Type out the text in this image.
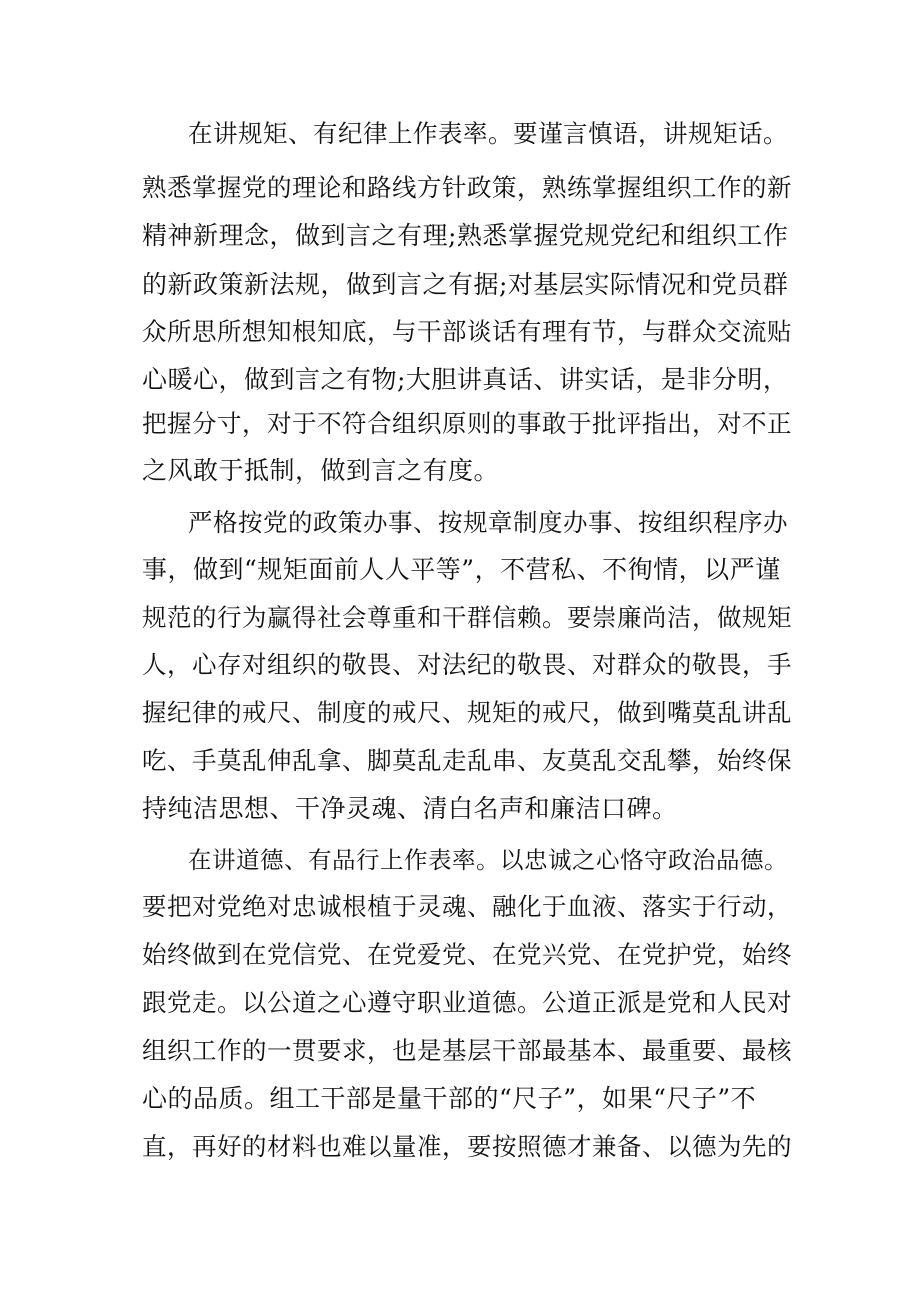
在讲规矩、有纪律上作表率。要谨言慎语，讲规矩话。
熟悉掌握党的理论和路线方针政策，熟练掌握组织工作的新
精神新理念，做到言之有理;熟悉掌握党规党纪和组织工作
的新政策新法规，做到言之有据;对基层实际情况和党员群
众所思所想知根知底，与干部谈话有理有节，与群众交流贴
心暖心，做到言之有物;大胆讲真话、讲实话，是非分明，
把握分寸，对于不符合组织原则的事敢于批评指出，对不正
之风敢于抵制，做到言之有度。
严格按党的政策办事、按规章制度办事、按组织程序办
事，做到“规矩面前人人平等”，不营私、不徇情，以严谨
规范的行为赢得社会尊重和干群信赖。要崇廉尚洁，做规矩
人，心存对组织的敬畏、对法纪的敬畏、对群众的敬畏，手
握纪律的戒尺、制度的戒尺、规矩的戒尺，做到嘴莫乱讲乱
吃、手莫乱伸乱拿、脚莫乱走乱串、友莫乱交乱攀，始终保
持纯洁思想、干净灵魂、清白名声和廉洁口碑。
在讲道德、有品行上作表率。以忠诚之心恪守政治品德。
要把对党绝对忠诚根植于灵魂、融化于血液、落实于行动，
始终做到在党信党、在党爱党、在党兴党、在党护党，始终
跟党走。以公道之心遵守职业道德。公道正派是党和人民对
组织工作的一贯要求，也是基层干部最基本、最重要、最核
心的品质。组工干部是量干部的“尺子”，如果“尺子”不
直，再好的材料也难以量准，要按照德才兼备、以德为先的
